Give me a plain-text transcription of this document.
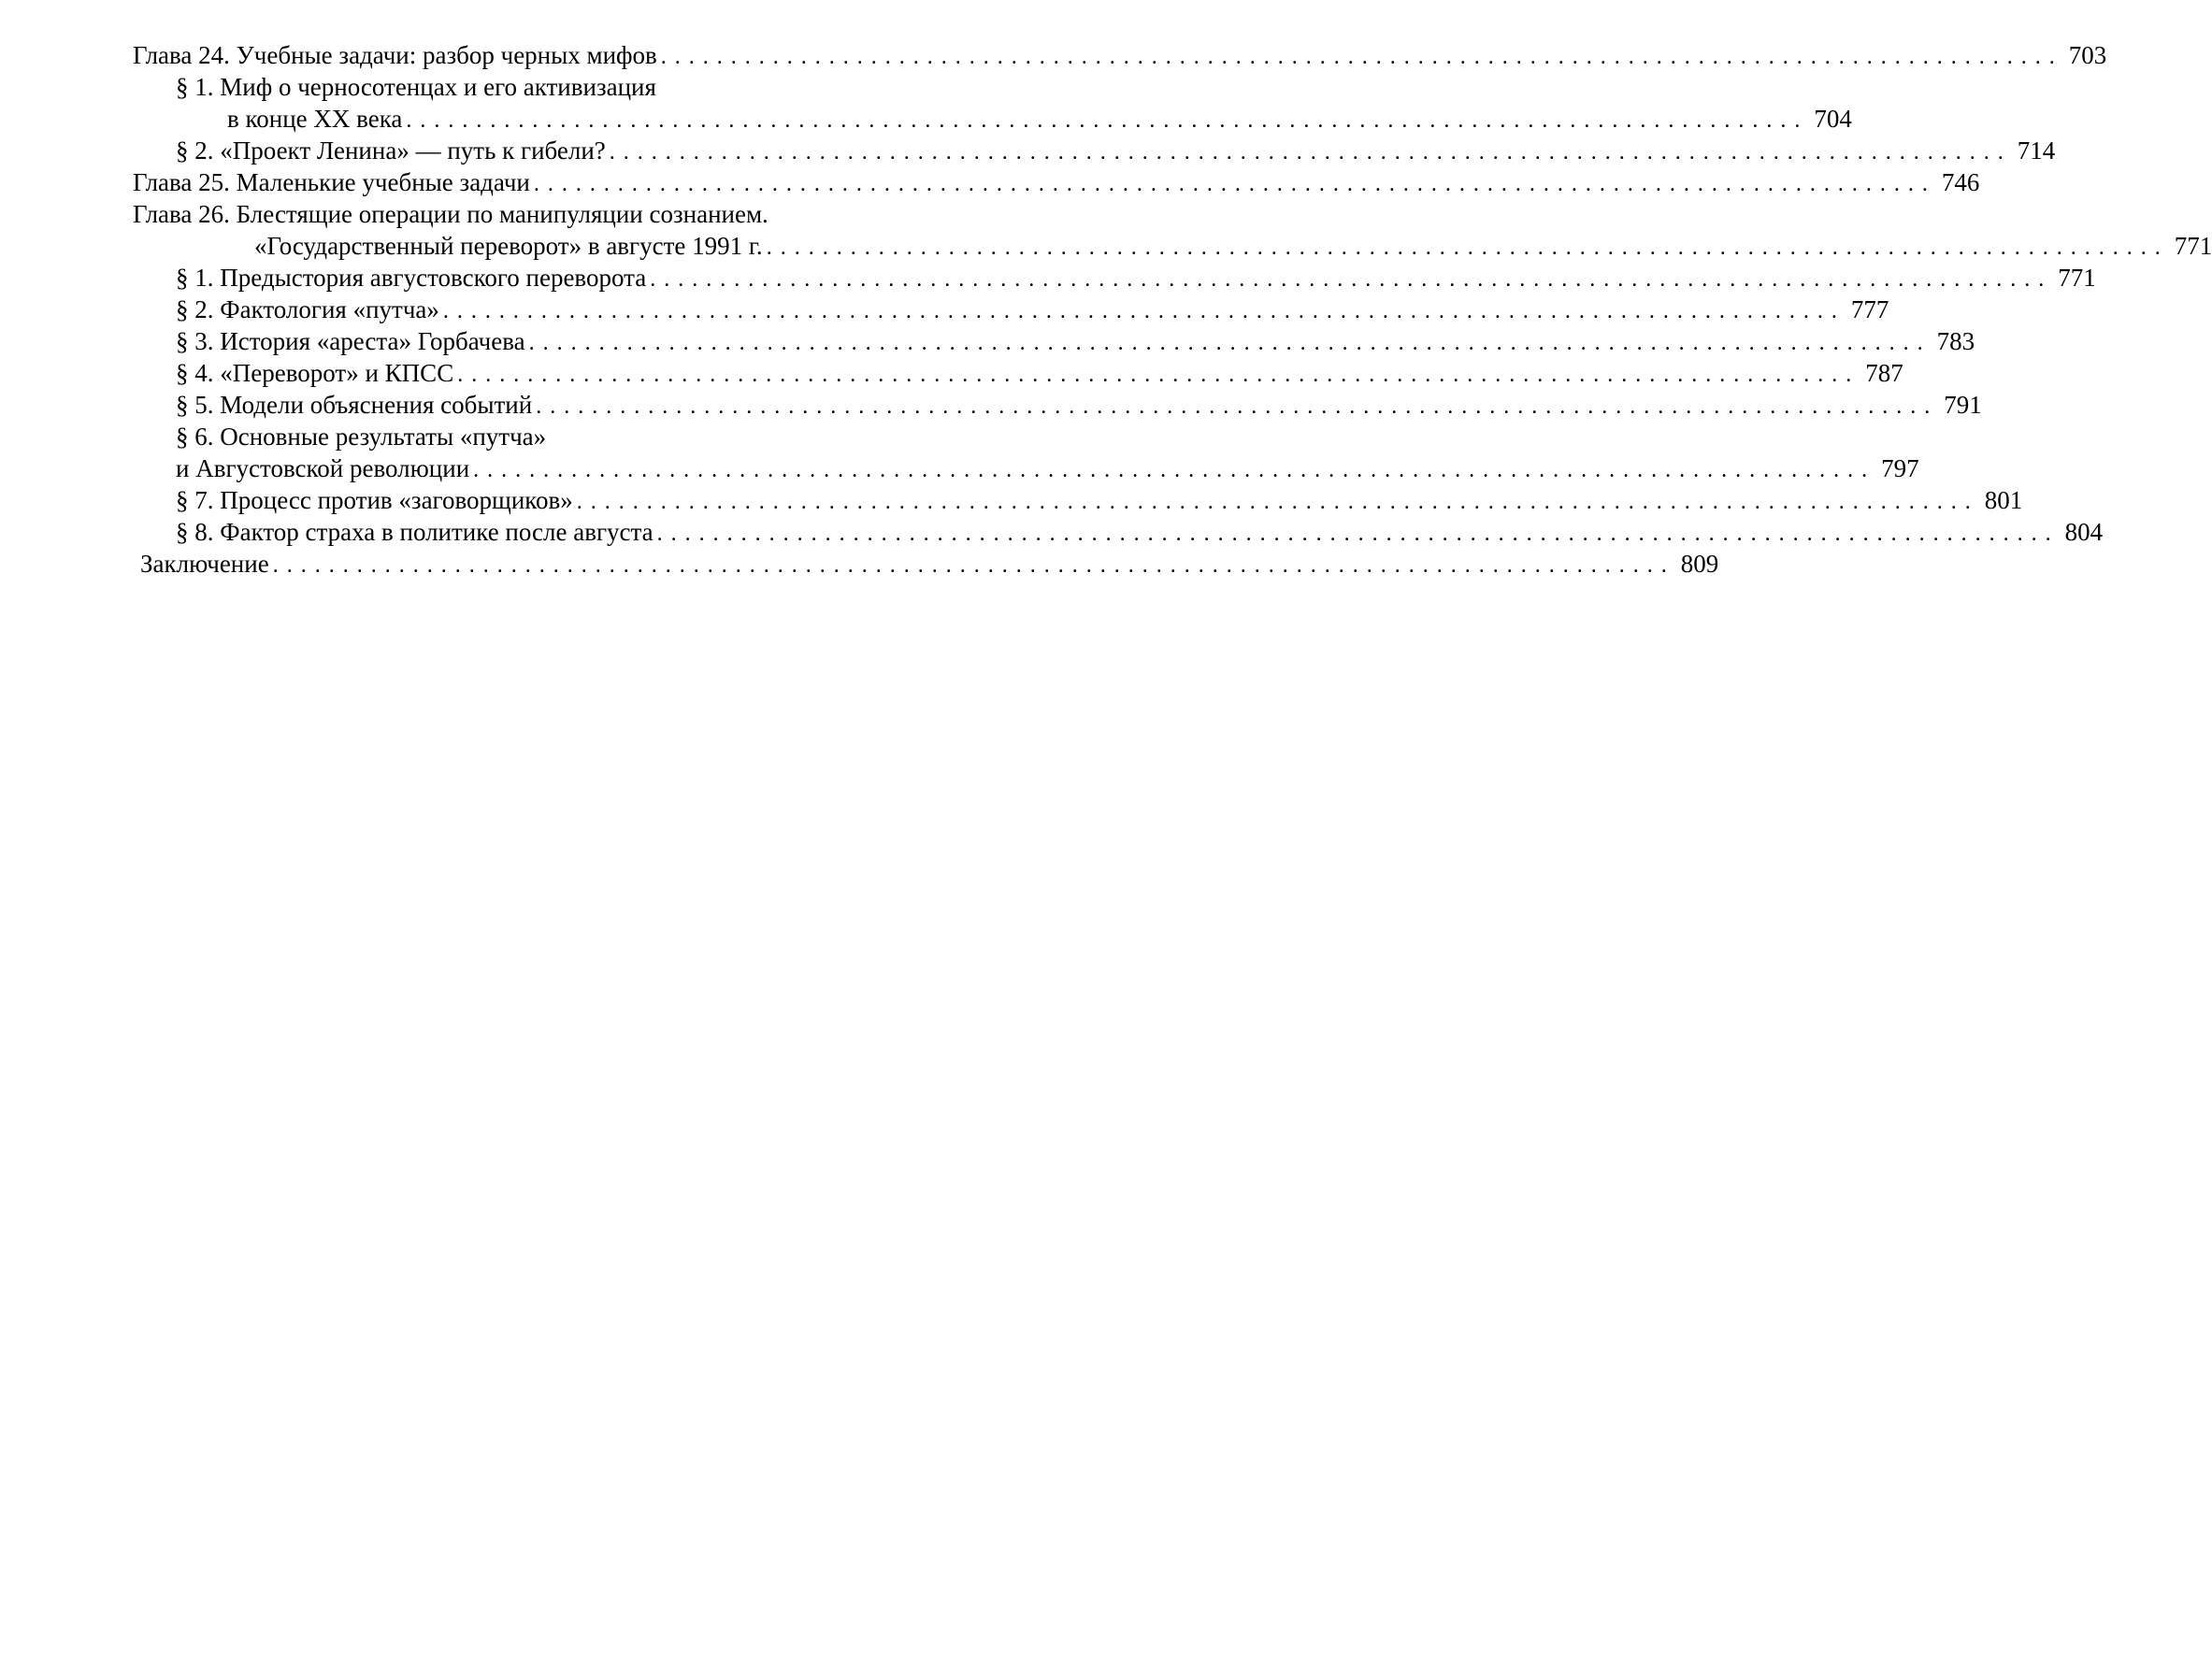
Глава 24. Учебные задачи: разбор черных мифов .................................................................................................... 703
§ 1. Миф о черносотенцах и его активизация
в конце XX века .................................................................................................... 704
§ 2. «Проект Ленина» — путь к гибели? .................................................................................................... 714
Глава 25. Маленькие учебные задачи .................................................................................................... 746
Глава 26. Блестящие операции по манипуляции сознанием.
«Государственный переворот» в августе 1991 г. .................................................................................................... 771
§ 1. Предыстория августовского переворота .................................................................................................... 771
§ 2. Фактология «путча» .................................................................................................... 777
§ 3. История «ареста» Горбачева .................................................................................................... 783
§ 4. «Переворот» и КПСС .................................................................................................... 787
§ 5. Модели объяснения событий .................................................................................................... 791
§ 6. Основные результаты «путча»
и Августовской революции .................................................................................................... 797
§ 7. Процесс против «заговорщиков» .................................................................................................... 801
§ 8. Фактор страха в политике после августа .................................................................................................... 804
Заключение .................................................................................................... 809
